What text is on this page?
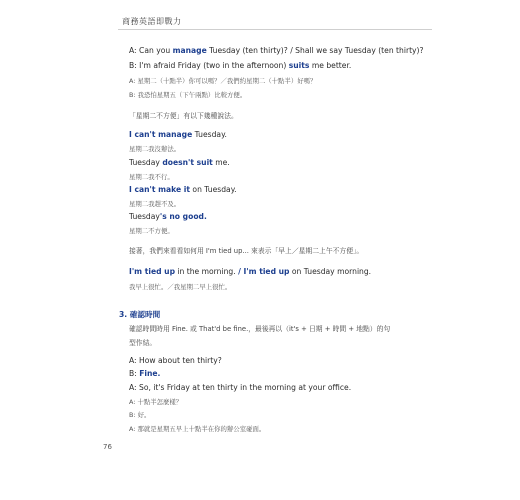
商務英語即戰力
A: Can you manage Tuesday (ten thirty)? / Shall we say Tuesday (ten thirty)?
B: I'm afraid Friday (two in the afternoon) suits me better.
A: 星期二（十點半）你可以嗎？／我們約星期二（十點半）好嗎？
B: 我恐怕星期五（下午兩點）比較方便。
「星期二不方便」有以下幾種說法。
I can't manage Tuesday.
星期二我沒辦法。
Tuesday doesn't suit me.
星期二我不行。
I can't make it on Tuesday.
星期二我趕不及。
Tuesday's no good.
星期二不方便。
接著，我們來看看如何用 I'm tied up... 來表示「早上／星期二上午不方便」。
I'm tied up in the morning. / I'm tied up on Tuesday morning.
我早上很忙。／我星期二早上很忙。
3. 確認時間
確認時間時用 Fine. 或 That'd be fine.，最後再以（it's + 日期 + 時間 + 地點）的句
型作結。
A: How about ten thirty?
B: Fine.
A: So, it's Friday at ten thirty in the morning at your office.
A: 十點半怎麼樣？
B: 好。
A: 那就是星期五早上十點半在你的辦公室碰面。
76
